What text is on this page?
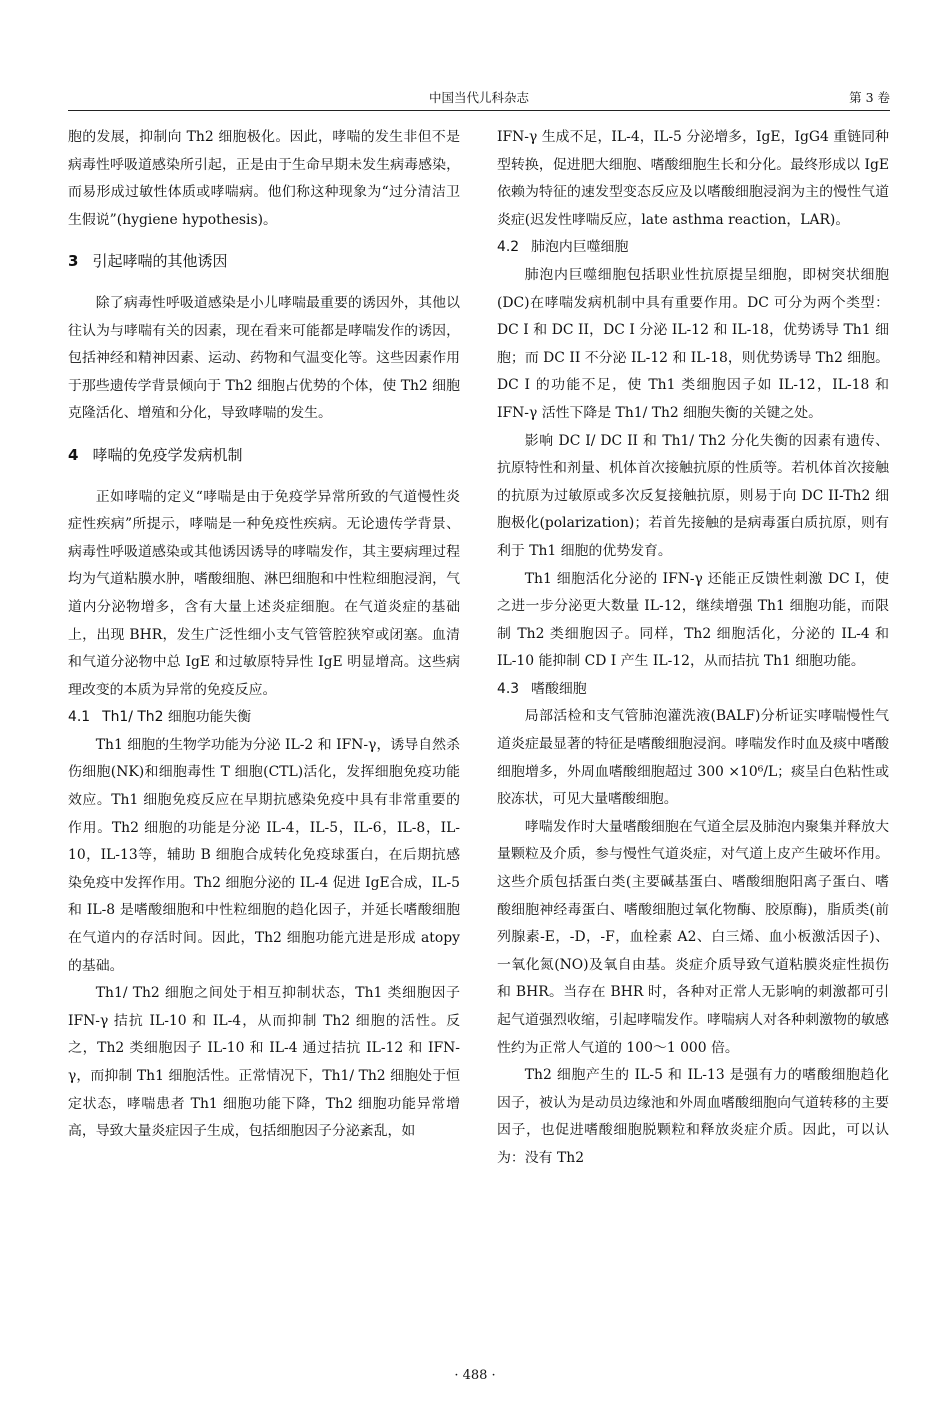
中国当代儿科杂志	第 3 卷

胞的发展，抑制向 Th2 细胞极化。因此，哮喘的发生非但不是病毒性呼吸道感染所引起，正是由于生命早期未发生病毒感染，而易形成过敏性体质或哮喘病。他们称这种现象为“过分清洁卫生假说”(hygiene hypothesis)。

3 引起哮喘的其他诱因

除了病毒性呼吸道感染是小儿哮喘最重要的诱因外，其他以往认为与哮喘有关的因素，现在看来可能都是哮喘发作的诱因，包括神经和精神因素、运动、药物和气温变化等。这些因素作用于那些遗传学背景倾向于 Th2 细胞占优势的个体，使 Th2 细胞克隆活化、增殖和分化，导致哮喘的发生。

4 哮喘的免疫学发病机制

正如哮喘的定义“哮喘是由于免疫学异常所致的气道慢性炎症性疾病”所提示，哮喘是一种免疫性疾病。无论遗传学背景、病毒性呼吸道感染或其他诱因诱导的哮喘发作，其主要病理过程均为气道粘膜水肿，嗜酸细胞、淋巴细胞和中性粒细胞浸润，气道内分泌物增多，含有大量上述炎症细胞。在气道炎症的基础上，出现 BHR，发生广泛性细小支气管管腔狭窄或闭塞。血清和气道分泌物中总 IgE 和过敏原特异性 IgE 明显增高。这些病理改变的本质为异常的免疫反应。

4.1 Th1/ Th2 细胞功能失衡

Th1 细胞的生物学功能为分泌 IL-2 和 IFN-γ，诱导自然杀伤细胞(NK)和细胞毒性 T 细胞(CTL)活化，发挥细胞免疫功能效应。Th1 细胞免疫反应在早期抗感染免疫中具有非常重要的作用。Th2 细胞的功能是分泌 IL-4，IL-5，IL-6，IL-8，IL-10，IL-13等，辅助 B 细胞合成转化免疫球蛋白，在后期抗感染免疫中发挥作用。Th2 细胞分泌的 IL-4 促进 IgE合成，IL-5 和 IL-8 是嗜酸细胞和中性粒细胞的趋化因子，并延长嗜酸细胞在气道内的存活时间。因此，Th2 细胞功能亢进是形成 atopy 的基础。

Th1/ Th2 细胞之间处于相互抑制状态，Th1 类细胞因子 IFN-γ 拮抗 IL-10 和 IL-4，从而抑制 Th2 细胞的活性。反之，Th2 类细胞因子 IL-10 和 IL-4 通过拮抗 IL-12 和 IFN-γ，而抑制 Th1 细胞活性。正常情况下，Th1/ Th2 细胞处于恒定状态，哮喘患者 Th1 细胞功能下降，Th2 细胞功能异常增高，导致大量炎症因子生成，包括细胞因子分泌紊乱，如

IFN-γ 生成不足，IL-4，IL-5 分泌增多，IgE，IgG4 重链同种型转换，促进肥大细胞、嗜酸细胞生长和分化。最终形成以 IgE 依赖为特征的速发型变态反应及以嗜酸细胞浸润为主的慢性气道炎症(迟发性哮喘反应，late asthma reaction，LAR)。

4.2 肺泡内巨噬细胞

肺泡内巨噬细胞包括职业性抗原提呈细胞，即树突状细胞(DC)在哮喘发病机制中具有重要作用。DC 可分为两个类型：DC I 和 DC II，DC I 分泌 IL-12 和 IL-18，优势诱导 Th1 细胞；而 DC II 不分泌 IL-12 和 IL-18，则优势诱导 Th2 细胞。DC I 的功能不足，使 Th1 类细胞因子如 IL-12，IL-18 和 IFN-γ 活性下降是 Th1/ Th2 细胞失衡的关键之处。

影响 DC I/ DC II 和 Th1/ Th2 分化失衡的因素有遗传、抗原特性和剂量、机体首次接触抗原的性质等。若机体首次接触的抗原为过敏原或多次反复接触抗原，则易于向 DC II-Th2 细胞极化(polarization)；若首先接触的是病毒蛋白质抗原，则有利于 Th1 细胞的优势发育。

Th1 细胞活化分泌的 IFN-γ 还能正反馈性刺激 DC I，使之进一步分泌更大数量 IL-12，继续增强 Th1 细胞功能，而限制 Th2 类细胞因子。同样，Th2 细胞活化，分泌的 IL-4 和 IL-10 能抑制 CD I 产生 IL-12，从而拮抗 Th1 细胞功能。

4.3 嗜酸细胞

局部活检和支气管肺泡灌洗液(BALF)分析证实哮喘慢性气道炎症最显著的特征是嗜酸细胞浸润。哮喘发作时血及痰中嗜酸细胞增多，外周血嗜酸细胞超过 300 ×10⁶/L；痰呈白色粘性或胶冻状，可见大量嗜酸细胞。

哮喘发作时大量嗜酸细胞在气道全层及肺泡内聚集并释放大量颗粒及介质，参与慢性气道炎症，对气道上皮产生破坏作用。这些介质包括蛋白类(主要碱基蛋白、嗜酸细胞阳离子蛋白、嗜酸细胞神经毒蛋白、嗜酸细胞过氧化物酶、胶原酶)，脂质类(前列腺素-E，-D，-F，血栓素 A2、白三烯、血小板激活因子)、一氧化氮(NO)及氧自由基。炎症介质导致气道粘膜炎症性损伤和 BHR。当存在 BHR 时，各种对正常人无影响的刺激都可引起气道强烈收缩，引起哮喘发作。哮喘病人对各种刺激物的敏感性约为正常人气道的 100～1 000 倍。

Th2 细胞产生的 IL-5 和 IL-13 是强有力的嗜酸细胞趋化因子，被认为是动员边缘池和外周血嗜酸细胞向气道转移的主要因子，也促进嗜酸细胞脱颗粒和释放炎症介质。因此，可以认为：没有 Th2

· 488 ·
